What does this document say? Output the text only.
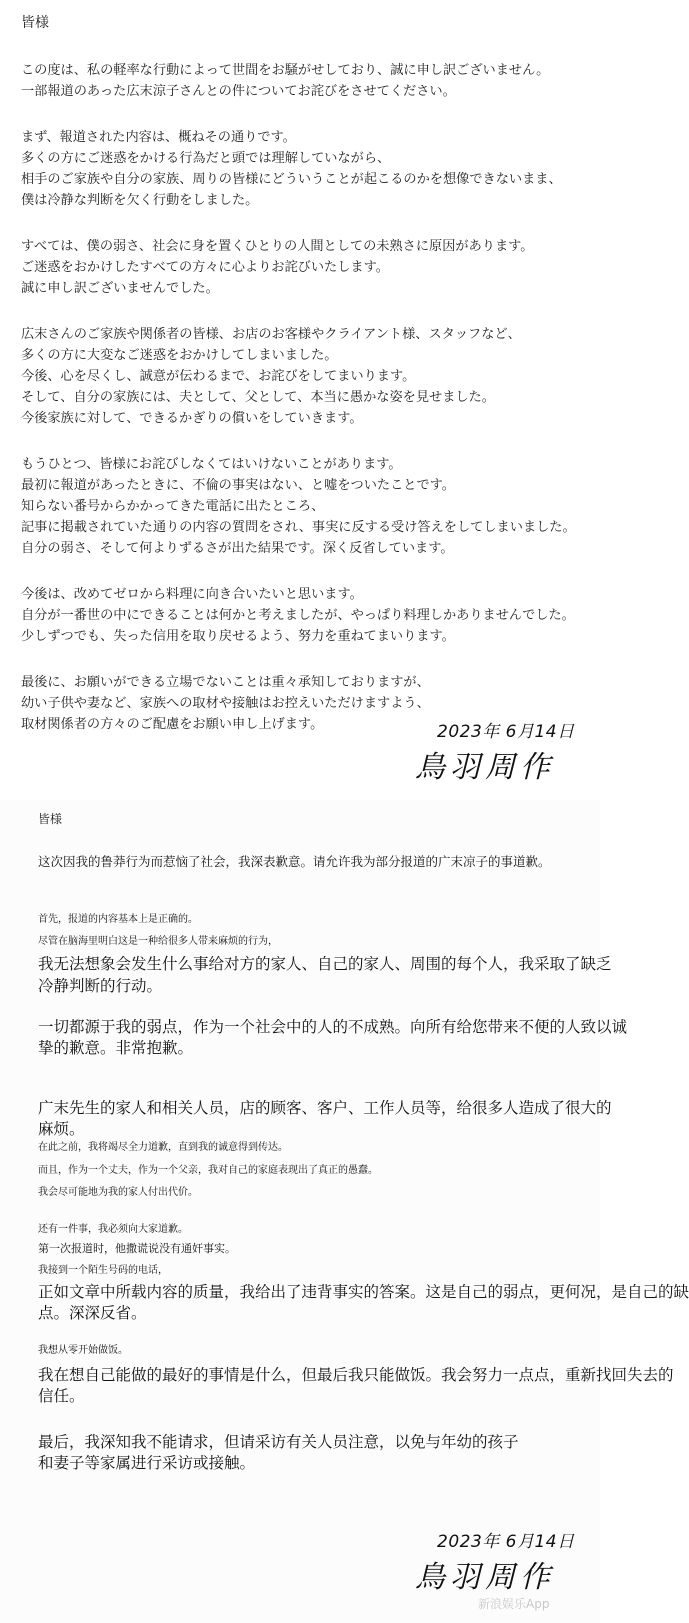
皆様
この度は、私の軽率な行動によって世間をお騒がせしており、誠に申し訳ございません。
一部報道のあった広末涼子さんとの件についてお詫びをさせてください。
まず、報道された内容は、概ねその通りです。
多くの方にご迷惑をかける行為だと頭では理解していながら、
相手のご家族や自分の家族、周りの皆様にどういうことが起こるのかを想像できないまま、
僕は冷静な判断を欠く行動をしました。
すべては、僕の弱さ、社会に身を置くひとりの人間としての未熟さに原因があります。
ご迷惑をおかけしたすべての方々に心よりお詫びいたします。
誠に申し訳ございませんでした。
広末さんのご家族や関係者の皆様、お店のお客様やクライアント様、スタッフなど、
多くの方に大変なご迷惑をおかけしてしまいました。
今後、心を尽くし、誠意が伝わるまで、お詫びをしてまいります。
そして、自分の家族には、夫として、父として、本当に愚かな姿を見せました。
今後家族に対して、できるかぎりの償いをしていきます。
もうひとつ、皆様にお詫びしなくてはいけないことがあります。
最初に報道があったときに、不倫の事実はない、と嘘をついたことです。
知らない番号からかかってきた電話に出たところ、
記事に掲載されていた通りの内容の質問をされ、事実に反する受け答えをしてしまいました。
自分の弱さ、そして何よりずるさが出た結果です。深く反省しています。
今後は、改めてゼロから料理に向き合いたいと思います。
自分が一番世の中にできることは何かと考えましたが、やっぱり料理しかありませんでした。
少しずつでも、失った信用を取り戻せるよう、努力を重ねてまいります。
最後に、お願いができる立場でないことは重々承知しておりますが、
幼い子供や妻など、家族への取材や接触はお控えいただけますよう、
取材関係者の方々のご配慮をお願い申し上げます。	2023年 6月14日
鳥羽周作
皆様
这次因我的鲁莽行为而惹恼了社会，我深表歉意。请允许我为部分报道的广末凉子的事道歉。
首先，报道的内容基本上是正确的。
尽管在脑海里明白这是一种给很多人带来麻烦的行为，
我无法想象会发生什么事给对方的家人、自己的家人、周围的每个人，我采取了缺乏
冷静判断的行动。
一切都源于我的弱点，作为一个社会中的人的不成熟。向所有给您带来不便的人致以诚
挚的歉意。非常抱歉。
广末先生的家人和相关人员，店的顾客、客户、工作人员等，给很多人造成了很大的
麻烦。
在此之前，我将竭尽全力道歉，直到我的诚意得到传达。
而且，作为一个丈夫，作为一个父亲，我对自己的家庭表现出了真正的愚蠢。
我会尽可能地为我的家人付出代价。
还有一件事，我必须向大家道歉。
第一次报道时，他撒谎说没有通奸事实。
我接到一个陌生号码的电话，
正如文章中所载内容的质量，我给出了违背事实的答案。这是自己的弱点，更何况，是自己的缺
点。深深反省。
我想从零开始做饭。
我在想自己能做的最好的事情是什么，但最后我只能做饭。我会努力一点点，重新找回失去的
信任。
最后，我深知我不能请求，但请采访有关人员注意，以免与年幼的孩子
和妻子等家属进行采访或接触。
2023年 6月14日
鳥羽周作
新浪娱乐App
